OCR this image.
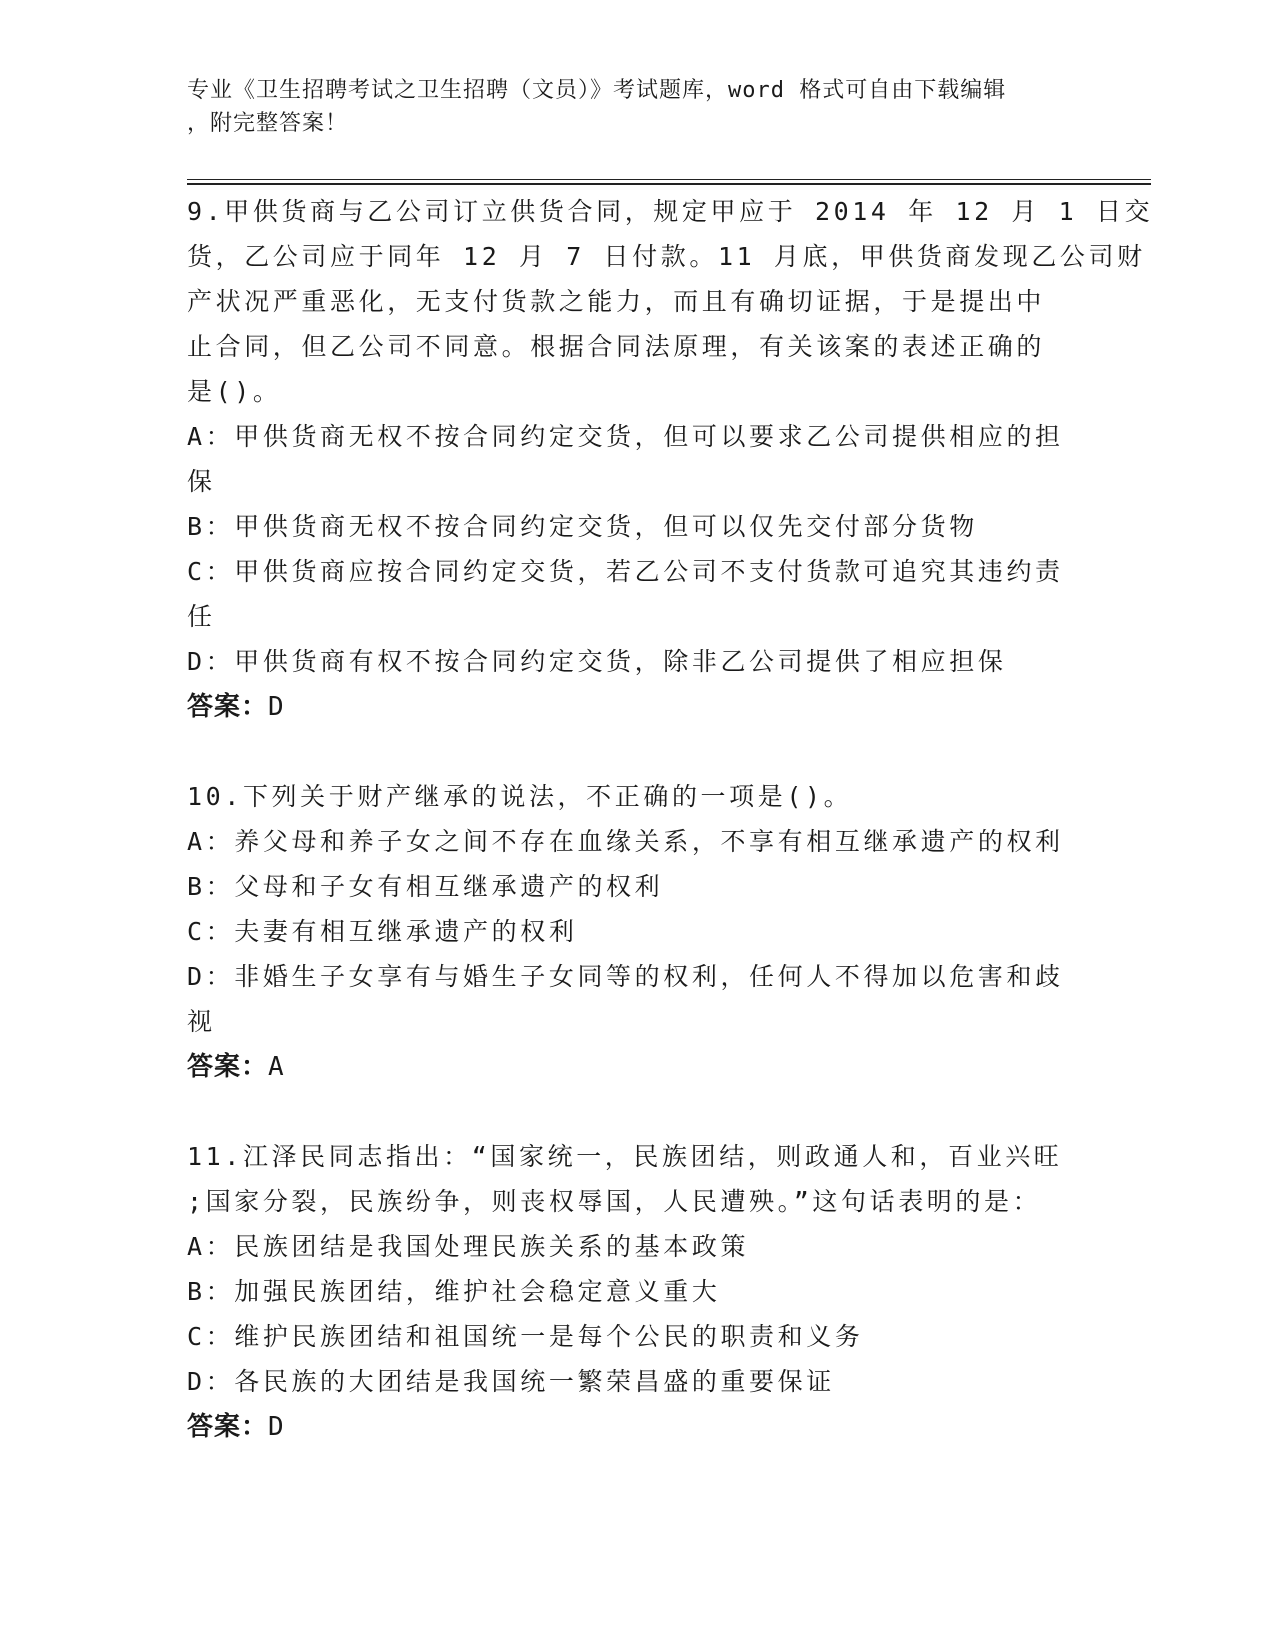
专业《卫生招聘考试之卫生招聘（文员）》考试题库，word 格式可自由下载编辑
，附完整答案！
9.甲供货商与乙公司订立供货合同，规定甲应于 2014 年 12 月 1 日交
货，乙公司应于同年 12 月 7 日付款。11 月底，甲供货商发现乙公司财
产状况严重恶化，无支付货款之能力，而且有确切证据，于是提出中
止合同，但乙公司不同意。根据合同法原理，有关该案的表述正确的
是()。
A：甲供货商无权不按合同约定交货，但可以要求乙公司提供相应的担
保
B：甲供货商无权不按合同约定交货，但可以仅先交付部分货物
C：甲供货商应按合同约定交货，若乙公司不支付货款可追究其违约责
任
D：甲供货商有权不按合同约定交货，除非乙公司提供了相应担保
答案：D
10.下列关于财产继承的说法，不正确的一项是()。
A：养父母和养子女之间不存在血缘关系，不享有相互继承遗产的权利
B：父母和子女有相互继承遗产的权利
C：夫妻有相互继承遗产的权利
D：非婚生子女享有与婚生子女同等的权利，任何人不得加以危害和歧
视
答案：A
11.江泽民同志指出：“国家统一，民族团结，则政通人和，百业兴旺
;国家分裂，民族纷争，则丧权辱国，人民遭殃。”这句话表明的是：
A：民族团结是我国处理民族关系的基本政策
B：加强民族团结，维护社会稳定意义重大
C：维护民族团结和祖国统一是每个公民的职责和义务
D：各民族的大团结是我国统一繁荣昌盛的重要保证
答案：D
